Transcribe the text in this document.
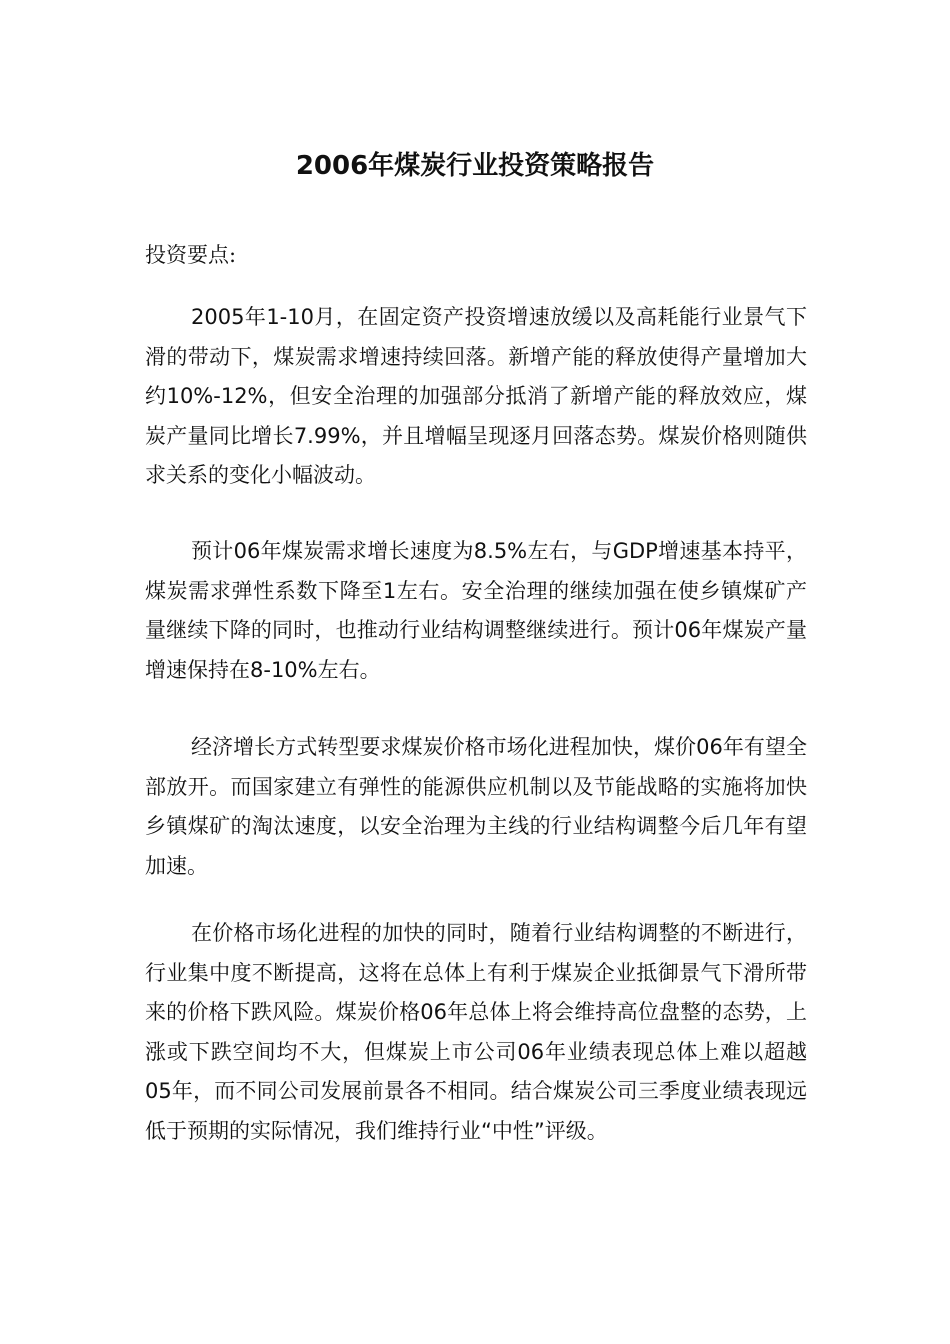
2006年煤炭行业投资策略报告
投资要点:

2005年1-10月，在固定资产投资增速放缓以及高耗能行业景气下滑的带动下，煤炭需求增速持续回落。新增产能的释放使得产量增加大约10%-12%，但安全治理的加强部分抵消了新增产能的释放效应，煤炭产量同比增长7.99%，并且增幅呈现逐月回落态势。煤炭价格则随供求关系的变化小幅波动。

预计06年煤炭需求增长速度为8.5%左右，与GDP增速基本持平，煤炭需求弹性系数下降至1左右。安全治理的继续加强在使乡镇煤矿产量继续下降的同时，也推动行业结构调整继续进行。预计06年煤炭产量增速保持在8-10%左右。

经济增长方式转型要求煤炭价格市场化进程加快，煤价06年有望全部放开。而国家建立有弹性的能源供应机制以及节能战略的实施将加快乡镇煤矿的淘汰速度，以安全治理为主线的行业结构调整今后几年有望加速。

在价格市场化进程的加快的同时，随着行业结构调整的不断进行，行业集中度不断提高，这将在总体上有利于煤炭企业抵御景气下滑所带来的价格下跌风险。煤炭价格06年总体上将会维持高位盘整的态势，上涨或下跌空间均不大，但煤炭上市公司06年业绩表现总体上难以超越05年，而不同公司发展前景各不相同。结合煤炭公司三季度业绩表现远低于预期的实际情况，我们维持行业“中性”评级。
